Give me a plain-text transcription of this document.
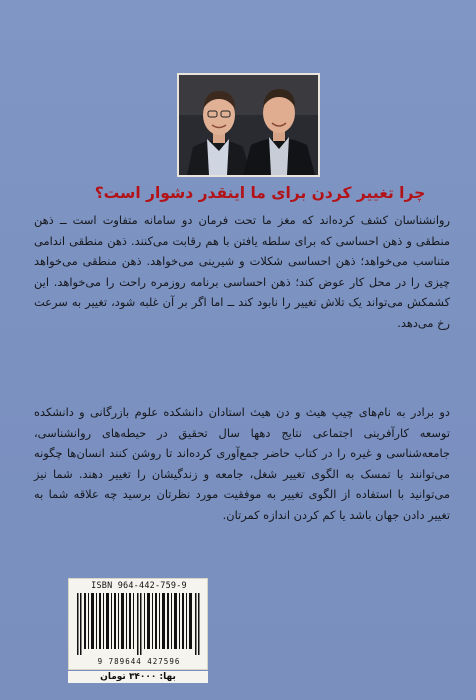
چرا تغییر کردن برای ما اینقدر دشوار است؟
روانشناسان کشف کرده‌اند که مغز ما تحت فرمان دو سامانه متفاوت است ــ ذهن منطقی و ذهن احساسی که برای سلطه یافتن با هم رقابت می‌کنند. ذهن منطقی اندامی متناسب می‌خواهد؛ ذهن احساسی شکلات و شیرینی می‌خواهد. ذهن منطقی می‌خواهد چیزی را در محل کار عوض کند؛ ذهن احساسی برنامه روزمره راحت را می‌خواهد. این کشمکش می‌تواند یک تلاش تغییر را نابود کند ــ اما اگر بر آن غلبه شود، تغییر به سرعت رخ می‌دهد.
دو برادر به نام‌های چیپ هیث و دن هیث استادان دانشکده علوم بازرگانی و دانشکده توسعه کارآفرینی اجتماعی نتایج دهها سال تحقیق در حیطه‌های روانشناسی، جامعه‌شناسی و غیره را در کتاب حاضر جمع‌آوری کرده‌اند تا روشن کنند انسان‌ها چگونه می‌توانند با تمسک به الگوی تغییر شغل، جامعه و زندگیشان را تغییر دهند. شما نیز می‌توانید با استفاده از الگوی تغییر به موفقیت مورد نظرتان برسید چه علاقه شما به تغییر دادن جهان باشد یا کم کردن اندازه کمرتان.
ISBN 964-442-759-9
9 789644 427596
بها: ۳۴۰۰۰ تومان
